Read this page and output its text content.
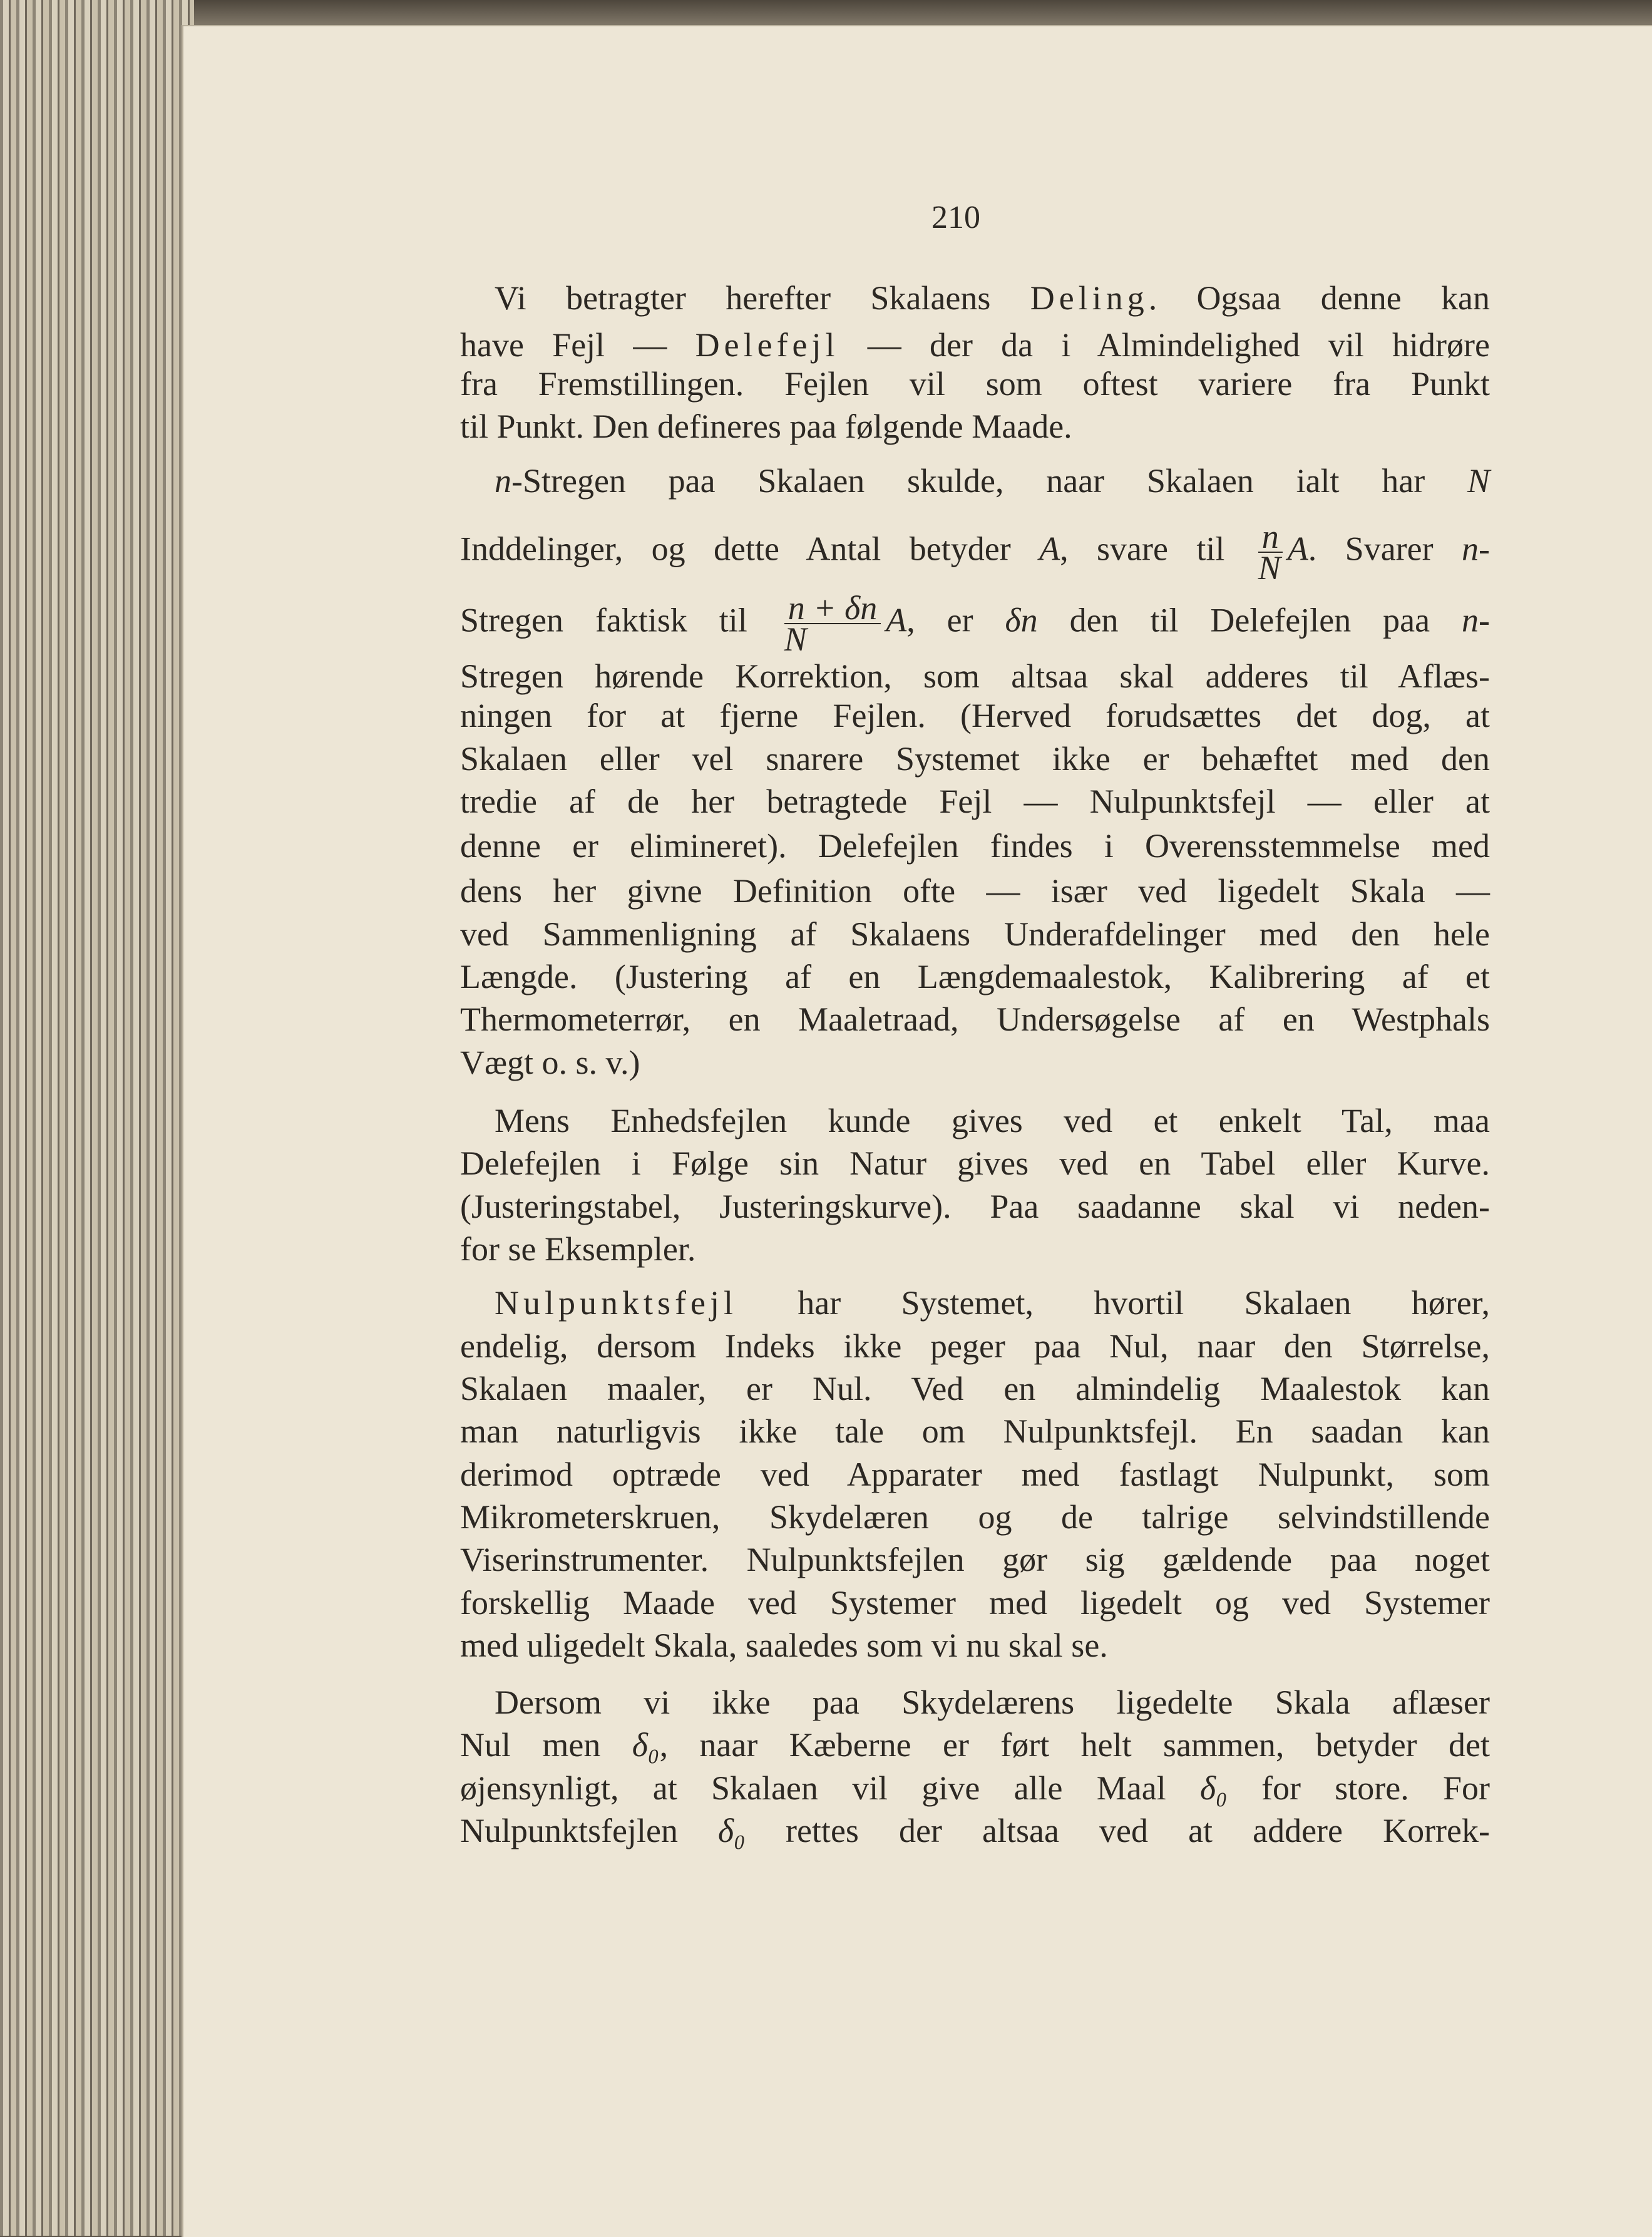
210
Vi betragter herefter Skalaens Deling. Ogsaa denne kan
have Fejl — Delefejl — der da i Almindelighed vil hidrøre
fra Fremstillingen. Fejlen vil som oftest variere fra Punkt
til Punkt. Den defineres paa følgende Maade.
n-Stregen paa Skalaen skulde, naar Skalaen ialt har N
Inddelinger, og dette Antal betyder A, svare til $\frac{n}{N} A$. Svarer n-
Stregen faktisk til $\frac{n + \delta n}{N} A$, er δn den til Delefejlen paa n-
Stregen hørende Korrektion, som altsaa skal adderes til Aflæs-
ningen for at fjerne Fejlen. (Herved forudsættes det dog, at
Skalaen eller vel snarere Systemet ikke er behæftet med den
tredie af de her betragtede Fejl — Nulpunktsfejl — eller at
denne er elimineret). Delefejlen findes i Overensstemmelse med
dens her givne Definition ofte — især ved ligedelt Skala —
ved Sammenligning af Skalaens Underafdelinger med den hele
Længde. (Justering af en Længdemaalestok, Kalibrering af et
Thermometerrør, en Maaletraad, Undersøgelse af en Westphals
Vægt o. s. v.)
Mens Enhedsfejlen kunde gives ved et enkelt Tal, maa
Delefejlen i Følge sin Natur gives ved en Tabel eller Kurve.
(Justeringstabel, Justeringskurve). Paa saadanne skal vi neden-
for se Eksempler.
Nulpunktsfejl har Systemet, hvortil Skalaen hører,
endelig, dersom Indeks ikke peger paa Nul, naar den Størrelse,
Skalaen maaler, er Nul. Ved en almindelig Maalestok kan
man naturligvis ikke tale om Nulpunktsfejl. En saadan kan
derimod optræde ved Apparater med fastlagt Nulpunkt, som
Mikrometerskruen, Skydelæren og de talrige selvindstillende
Viserinstrumenter. Nulpunktsfejlen gør sig gældende paa noget
forskellig Maade ved Systemer med ligedelt og ved Systemer
med uligedelt Skala, saaledes som vi nu skal se.
Dersom vi ikke paa Skydelærens ligedelte Skala aflæser
Nul men δ₀, naar Kæberne er ført helt sammen, betyder det
øjensynligt, at Skalaen vil give alle Maal δ₀ for store. For
Nulpunktsfejlen δ₀ rettes der altsaa ved at addere Korrek-
